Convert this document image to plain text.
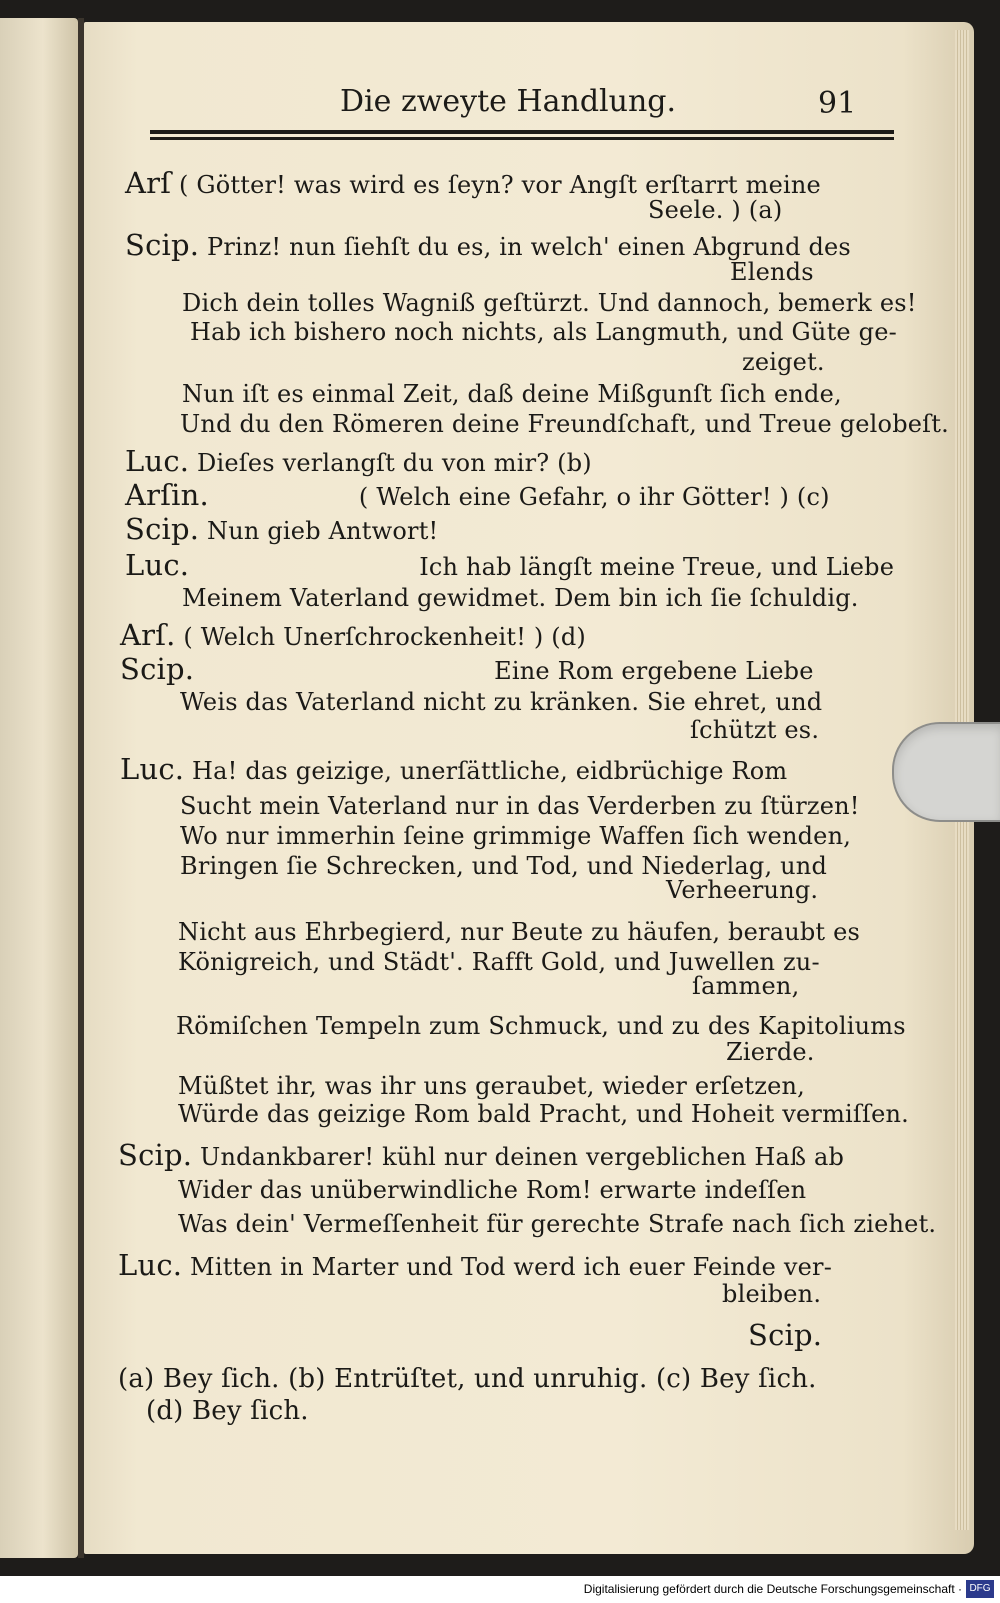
Die zweyte Handlung.	91
Arſ ( Götter! was wird es ſeyn? vor Angſt erſtarrt meine
Seele. ) (a)
Scip. Prinz! nun ſiehſt du es, in welch' einen Abgrund des
Elends
Dich dein tolles Wagniß geſtürzt. Und dannoch, bemerk es!
Hab ich bishero noch nichts, als Langmuth, und Güte ge-
zeiget.
Nun iſt es einmal Zeit, daß deine Mißgunſt ſich ende,
Und du den Römeren deine Freundſchaft, und Treue gelobeſt.
Luc. Dieſes verlangſt du von mir? (b)
Arſin.	( Welch eine Gefahr, o ihr Götter! ) (c)
Scip. Nun gieb Antwort!
Luc.	Ich hab längſt meine Treue, und Liebe
Meinem Vaterland gewidmet. Dem bin ich ſie ſchuldig.
Arſ. ( Welch Unerſchrockenheit! ) (d)
Scip.	Eine Rom ergebene Liebe
Weis das Vaterland nicht zu kränken. Sie ehret, und
ſchützt es.
Luc. Ha! das geizige, unerſättliche, eidbrüchige Rom
Sucht mein Vaterland nur in das Verderben zu ſtürzen!
Wo nur immerhin ſeine grimmige Waffen ſich wenden,
Bringen ſie Schrecken, und Tod, und Niederlag, und
Verheerung.
Nicht aus Ehrbegierd, nur Beute zu häufen, beraubt es
Königreich, und Städt'. Rafft Gold, und Juwellen zu-
ſammen,
Römiſchen Tempeln zum Schmuck, und zu des Kapitoliums
Zierde.
Müßtet ihr, was ihr uns geraubet, wieder erſetzen,
Würde das geizige Rom bald Pracht, und Hoheit vermiſſen.
Scip. Undankbarer! kühl nur deinen vergeblichen Haß ab
Wider das unüberwindliche Rom! erwarte indeſſen
Was dein' Vermeſſenheit für gerechte Strafe nach ſich ziehet.
Luc. Mitten in Marter und Tod werd ich euer Feinde ver-
bleiben.
Scip.
(a) Bey ſich. (b) Entrüſtet, und unruhig. (c) Bey ſich.
(d) Bey ſich.
Digitalisierung gefördert durch die Deutsche Forschungsgemeinschaft · DFG
